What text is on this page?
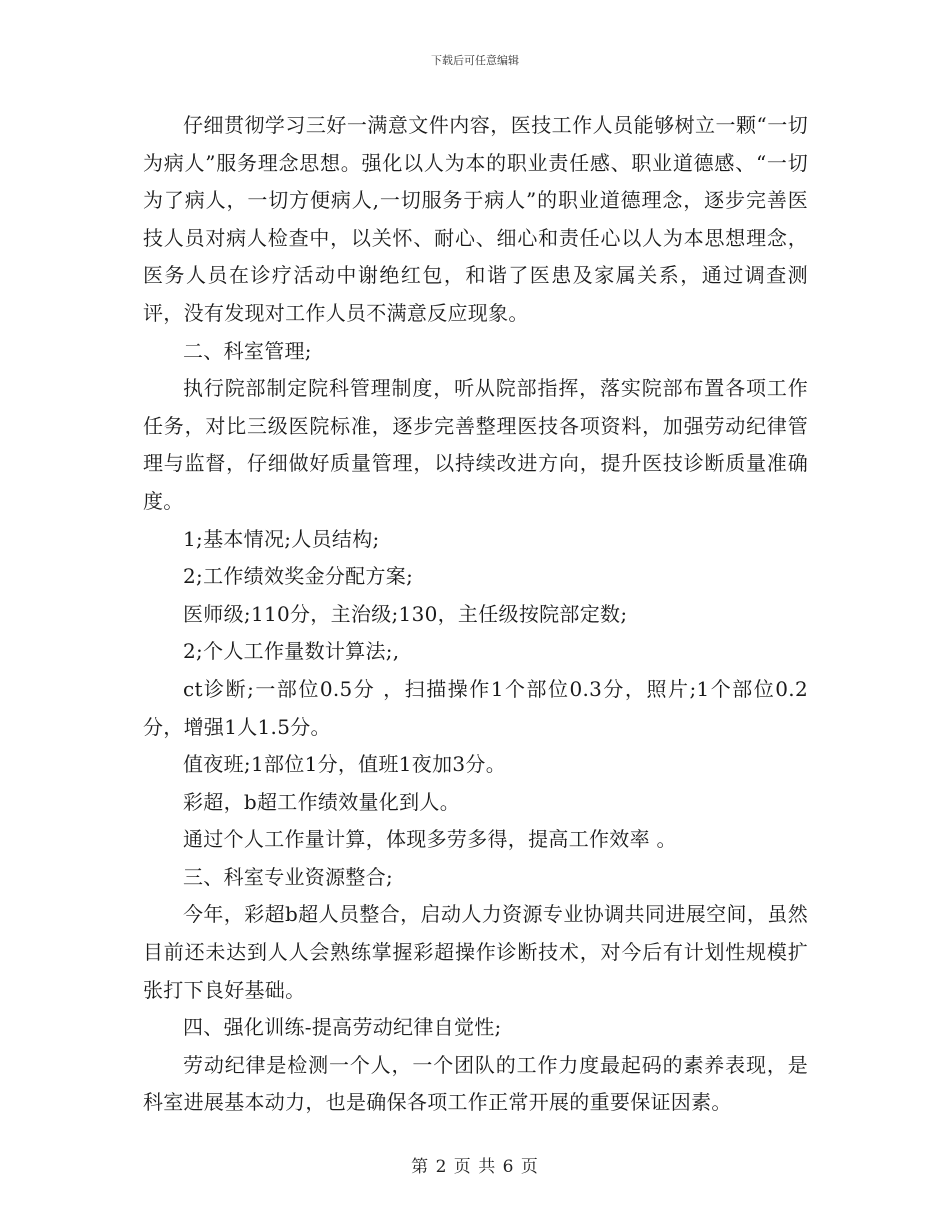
下载后可任意编辑

仔细贯彻学习三好一满意文件内容，医技工作人员能够树立一颗“一切为病人”服务理念思想。强化以人为本的职业责任感、职业道德感、“一切为了病人，一切方便病人,一切服务于病人”的职业道德理念，逐步完善医技人员对病人检查中，以关怀、耐心、细心和责任心以人为本思想理念，医务人员在诊疗活动中谢绝红包，和谐了医患及家属关系，通过调查测评，没有发现对工作人员不满意反应现象。

二、科室管理;

执行院部制定院科管理制度，听从院部指挥，落实院部布置各项工作任务，对比三级医院标准，逐步完善整理医技各项资料，加强劳动纪律管理与监督，仔细做好质量管理，以持续改进方向，提升医技诊断质量准确度。

1;基本情况;人员结构;

2;工作绩效奖金分配方案;

医师级;110分，主治级;130，主任级按院部定数;

2;个人工作量数计算法;,

ct诊断;一部位0.5分 ，扫描操作1个部位0.3分，照片;1个部位0.2分，增强1人1.5分。

值夜班;1部位1分，值班1夜加3分。

彩超，b超工作绩效量化到人。

通过个人工作量计算，体现多劳多得，提高工作效率 。

三、科室专业资源整合;

今年，彩超b超人员整合，启动人力资源专业协调共同进展空间，虽然目前还未达到人人会熟练掌握彩超操作诊断技术，对今后有计划性规模扩张打下良好基础。

四、强化训练-提高劳动纪律自觉性;

劳动纪律是检测一个人，一个团队的工作力度最起码的素养表现，是科室进展基本动力，也是确保各项工作正常开展的重要保证因素。

第 2 页 共 6 页
